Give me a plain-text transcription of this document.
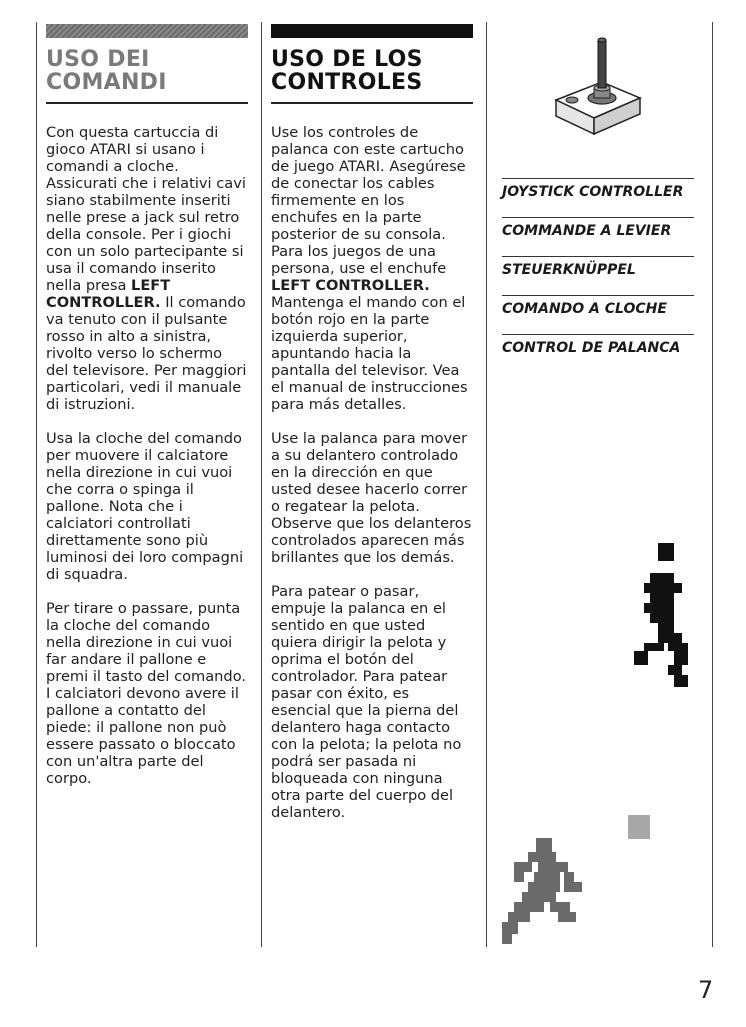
USO DEI COMANDI

Con questa cartuccia di gioco ATARI si usano i comandi a cloche. Assicurati che i relativi cavi siano stabilmente inseriti nelle prese a jack sul retro della console. Per i giochi con un solo partecipante si usa il comando inserito nella presa LEFT CONTROLLER. Il comando va tenuto con il pulsante rosso in alto a sinistra, rivolto verso lo schermo del televisore. Per maggiori particolari, vedi il manuale di istruzioni.

Usa la cloche del comando per muovere il calciatore nella direzione in cui vuoi che corra o spinga il pallone. Nota che i calciatori controllati direttamente sono più luminosi dei loro compagni di squadra.

Per tirare o passare, punta la cloche del comando nella direzione in cui vuoi far andare il pallone e premi il tasto del comando. I calciatori devono avere il pallone a contatto del piede: il pallone non può essere passato o bloccato con un'altra parte del corpo.

USO DE LOS CONTROLES

Use los controles de palanca con este cartucho de juego ATARI. Asegúrese de conectar los cables firmemente en los enchufes en la parte posterior de su consola. Para los juegos de una persona, use el enchufe LEFT CONTROLLER. Mantenga el mando con el botón rojo en la parte izquierda superior, apuntando hacia la pantalla del televisor. Vea el manual de instrucciones para más detalles.

Use la palanca para mover a su delantero controlado en la dirección en que usted desee hacerlo correr o regatear la pelota. Observe que los delanteros controlados aparecen más brillantes que los demás.

Para patear o pasar, empuje la palanca en el sentido en que usted quiera dirigir la pelota y oprima el botón del controlador. Para patear pasar con éxito, es esencial que la pierna del delantero haga contacto con la pelota; la pelota no podrá ser pasada ni bloqueada con ninguna otra parte del cuerpo del delantero.

JOYSTICK CONTROLLER

COMMANDE A LEVIER

STEUERKNÜPPEL

COMANDO A CLOCHE

CONTROL DE PALANCA

7
